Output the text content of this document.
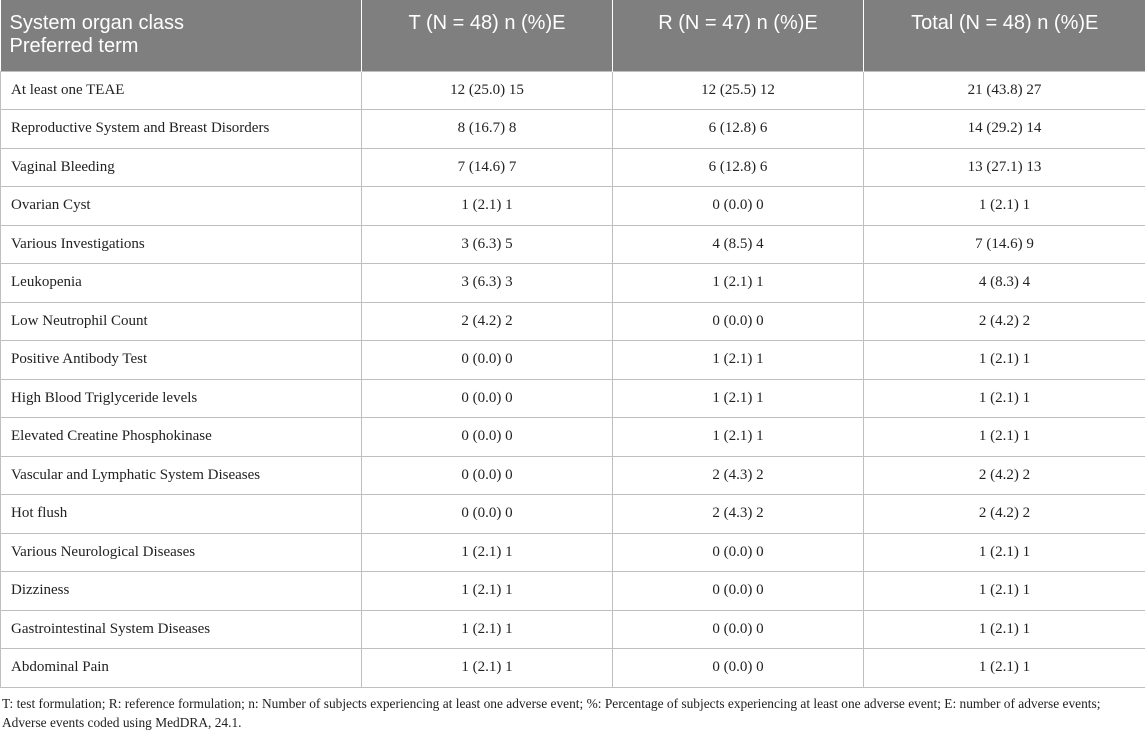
System organ class
Preferred term	T (N = 48) n (%)E	R (N = 47) n (%)E	Total (N = 48) n (%)E
At least one TEAE	12 (25.0) 15	12 (25.5) 12	21 (43.8) 27
Reproductive System and Breast Disorders	8 (16.7) 8	6 (12.8) 6	14 (29.2) 14
Vaginal Bleeding	7 (14.6) 7	6 (12.8) 6	13 (27.1) 13
Ovarian Cyst	1 (2.1) 1	0 (0.0) 0	1 (2.1) 1
Various Investigations	3 (6.3) 5	4 (8.5) 4	7 (14.6) 9
Leukopenia	3 (6.3) 3	1 (2.1) 1	4 (8.3) 4
Low Neutrophil Count	2 (4.2) 2	0 (0.0) 0	2 (4.2) 2
Positive Antibody Test	0 (0.0) 0	1 (2.1) 1	1 (2.1) 1
High Blood Triglyceride levels	0 (0.0) 0	1 (2.1) 1	1 (2.1) 1
Elevated Creatine Phosphokinase	0 (0.0) 0	1 (2.1) 1	1 (2.1) 1
Vascular and Lymphatic System Diseases	0 (0.0) 0	2 (4.3) 2	2 (4.2) 2
Hot flush	0 (0.0) 0	2 (4.3) 2	2 (4.2) 2
Various Neurological Diseases	1 (2.1) 1	0 (0.0) 0	1 (2.1) 1
Dizziness	1 (2.1) 1	0 (0.0) 0	1 (2.1) 1
Gastrointestinal System Diseases	1 (2.1) 1	0 (0.0) 0	1 (2.1) 1
Abdominal Pain	1 (2.1) 1	0 (0.0) 0	1 (2.1) 1
T: test formulation; R: reference formulation; n: Number of subjects experiencing at least one adverse event; %: Percentage of subjects experiencing at least one adverse event; E: number of adverse events; Adverse events coded using MedDRA, 24.1.
